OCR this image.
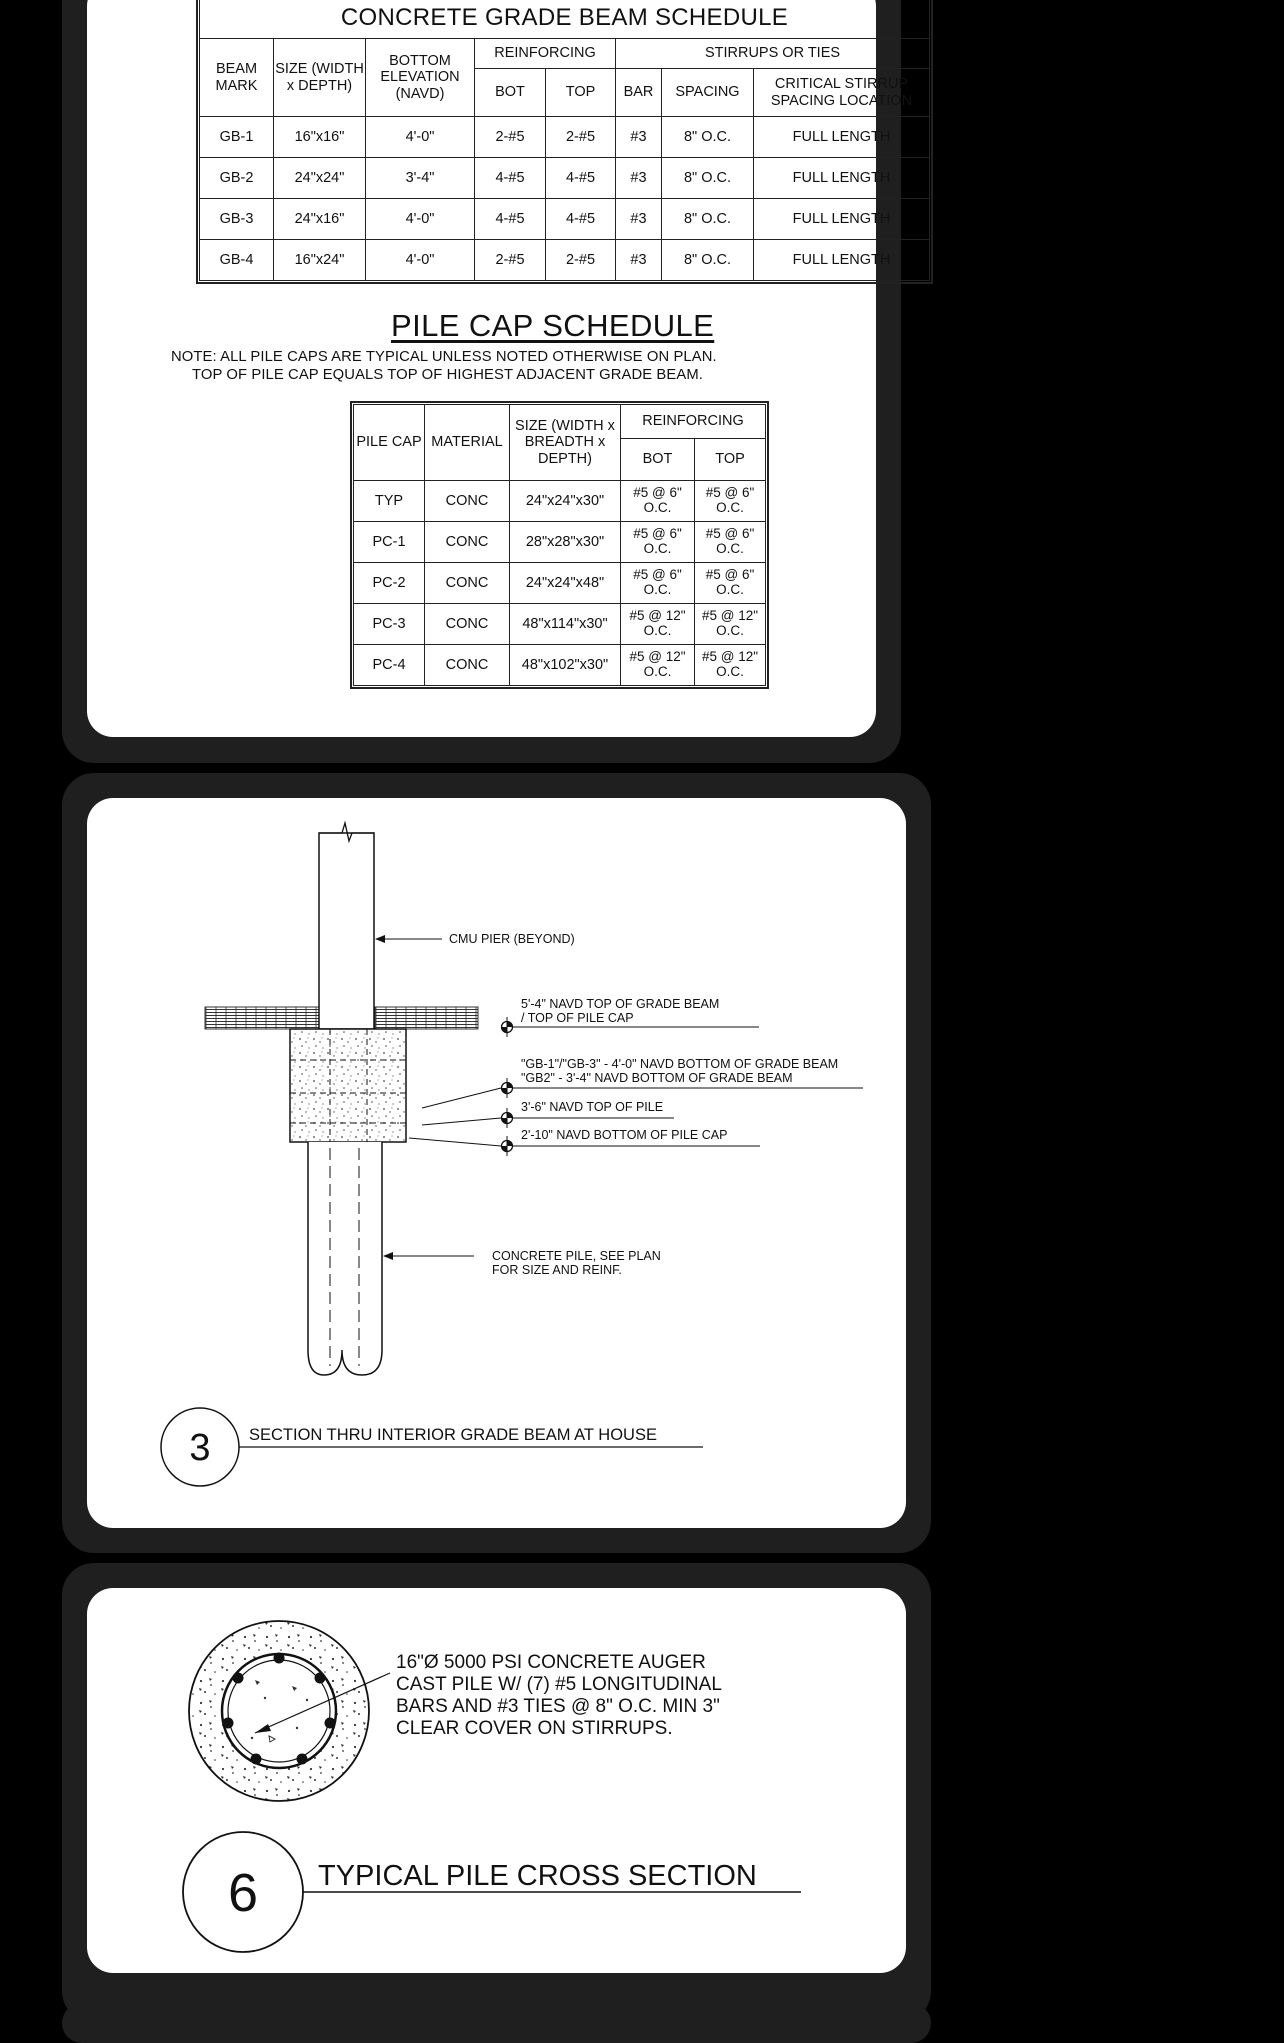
CONCRETE GRADE BEAM SCHEDULE							
BEAM MARK	SIZE (WIDTH x DEPTH)	BOTTOM ELEVATION (NAVD)	REINFORCING		STIRRUPS OR TIES		
			BOT	TOP	BAR	SPACING	CRITICAL STIRRUP SPACING LOCATION
GB-1	16"x16"	4'-0"	2-#5	2-#5	#3	8" O.C.	FULL LENGTH
GB-2	24"x24"	3'-4"	4-#5	4-#5	#3	8" O.C.	FULL LENGTH
GB-3	24"x16"	4'-0"	4-#5	4-#5	#3	8" O.C.	FULL LENGTH
GB-4	16"x24"	4'-0"	2-#5	2-#5	#3	8" O.C.	FULL LENGTH
PILE CAP SCHEDULE
NOTE: ALL PILE CAPS ARE TYPICAL UNLESS NOTED OTHERWISE ON PLAN.
TOP OF PILE CAP EQUALS TOP OF HIGHEST ADJACENT GRADE BEAM.
PILE CAP	MATERIAL	SIZE (WIDTH x BREADTH x DEPTH)	REINFORCING	
			BOT	TOP
TYP	CONC	24"x24"x30"	#5 @ 6" O.C.	#5 @ 6" O.C.
PC-1	CONC	28"x28"x30"	#5 @ 6" O.C.	#5 @ 6" O.C.
PC-2	CONC	24"x24"x48"	#5 @ 6" O.C.	#5 @ 6" O.C.
PC-3	CONC	48"x114"x30"	#5 @ 12" O.C.	#5 @ 12" O.C.
PC-4	CONC	48"x102"x30"	#5 @ 12" O.C.	#5 @ 12" O.C.
CMU PIER (BEYOND)
5'-4" NAVD TOP OF GRADE BEAM
/ TOP OF PILE CAP
"GB-1"/"GB-3" - 4'-0" NAVD BOTTOM OF GRADE BEAM
"GB2" - 3'-4" NAVD BOTTOM OF GRADE BEAM
3'-6" NAVD TOP OF PILE
2'-10" NAVD BOTTOM OF PILE CAP
CONCRETE PILE, SEE PLAN
FOR SIZE AND REINF.
3 SECTION THRU INTERIOR GRADE BEAM AT HOUSE
16"Ø 5000 PSI CONCRETE AUGER
CAST PILE W/ (7) #5 LONGITUDINAL
BARS AND #3 TIES @ 8" O.C. MIN 3"
CLEAR COVER ON STIRRUPS.
6 TYPICAL PILE CROSS SECTION
